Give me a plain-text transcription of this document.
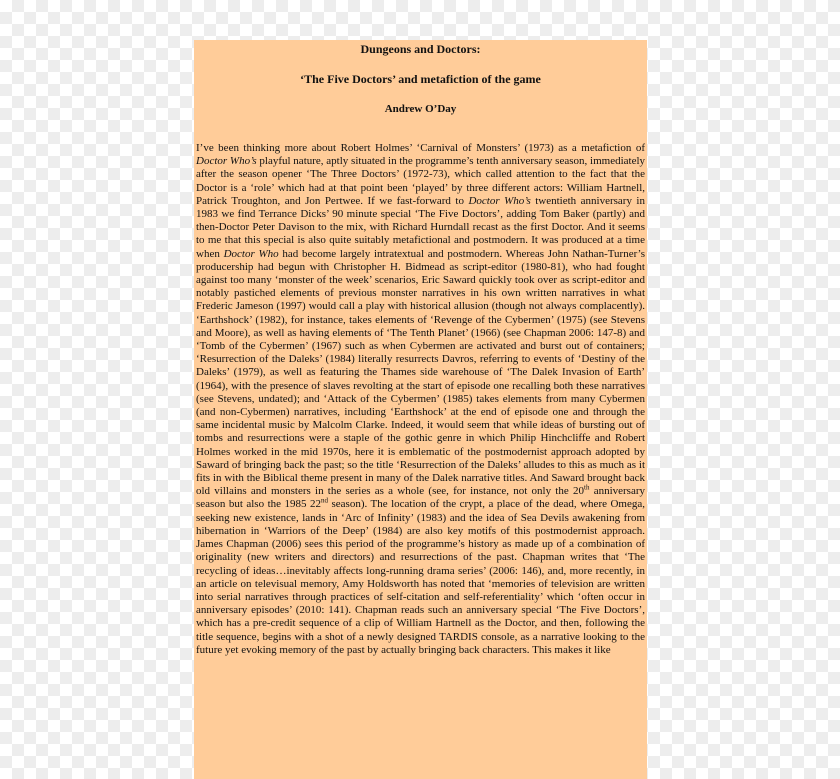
Dungeons and Doctors:
‘The Five Doctors’ and metafiction of the game
Andrew O’Day
I’ve been thinking more about Robert Holmes’ ‘Carnival of Monsters’ (1973) as a metafiction of Doctor Who’s playful nature, aptly situated in the programme’s tenth anniversary season, immediately after the season opener ‘The Three Doctors’ (1972-73), which called attention to the fact that the Doctor is a ‘role’ which had at that point been ‘played’ by three different actors: William Hartnell, Patrick Troughton, and Jon Pertwee. If we fast-forward to Doctor Who’s twentieth anniversary in 1983 we find Terrance Dicks’ 90 minute special ‘The Five Doctors’, adding Tom Baker (partly) and then-Doctor Peter Davison to the mix, with Richard Hurndall recast as the first Doctor. And it seems to me that this special is also quite suitably metafictional and postmodern. It was produced at a time when Doctor Who had become largely intratextual and postmodern. Whereas John Nathan-Turner’s producership had begun with Christopher H. Bidmead as script-editor (1980-81), who had fought against too many ‘monster of the week’ scenarios, Eric Saward quickly took over as script-editor and notably pastiched elements of previous monster narratives in his own written narratives in what Frederic Jameson (1997) would call a play with historical allusion (though not always complacently). ‘Earthshock’ (1982), for instance, takes elements of ‘Revenge of the Cybermen’ (1975) (see Stevens and Moore), as well as having elements of ‘The Tenth Planet’ (1966) (see Chapman 2006: 147-8) and ‘Tomb of the Cybermen’ (1967) such as when Cybermen are activated and burst out of containers; ‘Resurrection of the Daleks’ (1984) literally resurrects Davros, referring to events of ‘Destiny of the Daleks’ (1979), as well as featuring the Thames side warehouse of ‘The Dalek Invasion of Earth’ (1964), with the presence of slaves revolting at the start of episode one recalling both these narratives (see Stevens, undated); and ‘Attack of the Cybermen’ (1985) takes elements from many Cybermen (and non-Cybermen) narratives, including ‘Earthshock’ at the end of episode one and through the same incidental music by Malcolm Clarke. Indeed, it would seem that while ideas of bursting out of tombs and resurrections were a staple of the gothic genre in which Philip Hinchcliffe and Robert Holmes worked in the mid 1970s, here it is emblematic of the postmodernist approach adopted by Saward of bringing back the past; so the title ‘Resurrection of the Daleks’ alludes to this as much as it fits in with the Biblical theme present in many of the Dalek narrative titles. And Saward brought back old villains and monsters in the series as a whole (see, for instance, not only the 20th anniversary season but also the 1985 22nd season). The location of the crypt, a place of the dead, where Omega, seeking new existence, lands in ‘Arc of Infinity’ (1983) and the idea of Sea Devils awakening from hibernation in ‘Warriors of the Deep’ (1984) are also key motifs of this postmodernist approach. James Chapman (2006) sees this period of the programme’s history as made up of a combination of originality (new writers and directors) and resurrections of the past. Chapman writes that ‘The recycling of ideas…inevitably affects long-running drama series’ (2006: 146), and, more recently, in an article on televisual memory, Amy Holdsworth has noted that ‘memories of television are written into serial narratives through practices of self-citation and self-referentiality’ which ‘often occur in anniversary episodes’ (2010: 141). Chapman reads such an anniversary special ‘The Five Doctors’, which has a pre-credit sequence of a clip of William Hartnell as the Doctor, and then, following the title sequence, begins with a shot of a newly designed TARDIS console, as a narrative looking to the future yet evoking memory of the past by actually bringing back characters. This makes it like
